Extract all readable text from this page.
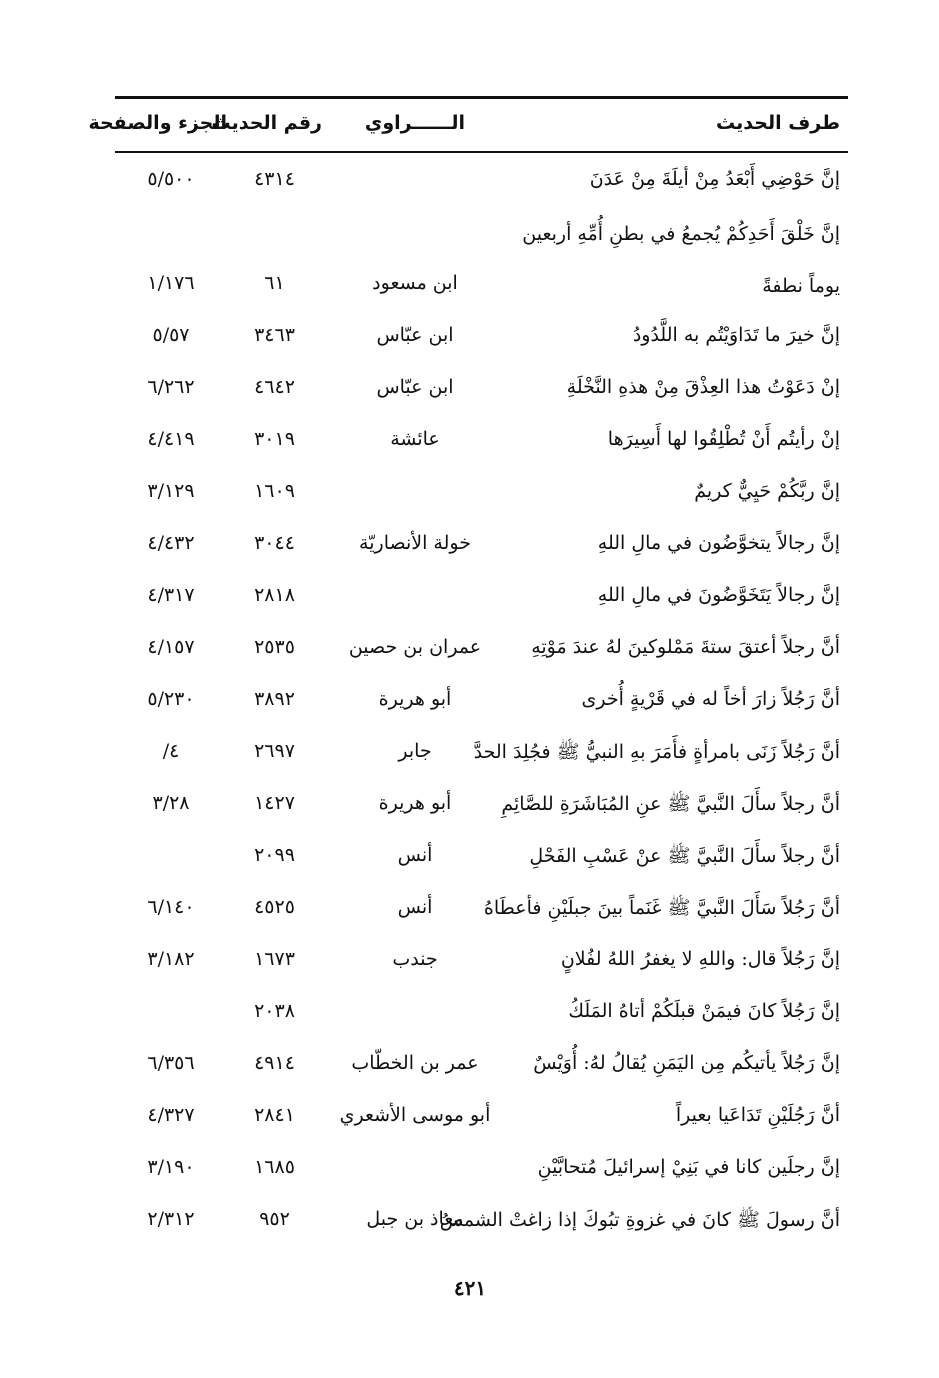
طرف الحديث
الــــــراوي
رقم الحديث
الجزء والصفحة
إنَّ حَوْضِي أَبْعَدُ مِنْ أيلَةَ مِنْ عَدَنَ
٤٣١٤
٥/٥٠٠
إنَّ خَلْقَ أَحَدِكُمْ يُجمعُ في بطنِ أُمِّهِ أربعين يوماً نطفةً
ابن مسعود
٦١
١/١٧٦
إنَّ خيرَ ما تَدَاوَيْتُم به اللَّدُودُ
ابن عبّاس
٣٤٦٣
٥/٥٧
إنْ دَعَوْتُ هذا العِذْقَ مِنْ هذهِ النَّخْلَةِ
ابن عبّاس
٤٦٤٢
٦/٢٦٢
إنْ رأيتُم أَنْ تُطْلِقُوا لها أَسِيرَها
عائشة
٣٠١٩
٤/٤١٩
إنَّ ربَّكُمْ حَيِيٌّ كريمٌ
١٦٠٩
٣/١٢٩
إنَّ رجالاً يتخوَّضُون في مالِ اللهِ
خولة الأنصاريّة
٣٠٤٤
٤/٤٣٢
إنَّ رجالاً يَتَخَوَّضُونَ في مالِ اللهِ
٢٨١٨
٤/٣١٧
أنَّ رجلاً أعتقَ ستةَ مَمْلوكينَ لهُ عندَ مَوْتِهِ
عمران بن حصين
٢٥٣٥
٤/١٥٧
أنَّ رَجُلاً زارَ أخاً له في قَرْيةٍ أُخرى
أبو هريرة
٣٨٩٢
٥/٢٣٠
أنَّ رَجُلاً زَنَى بامرأةٍ فأَمَرَ بهِ النبيُّ ﷺ فجُلِدَ الحدَّ
جابر
٢٦٩٧
٤/
أنَّ رجلاً سأَلَ النَّبيَّ ﷺ عنِ المُبَاشَرَةِ للصَّائِمِ
أبو هريرة
١٤٢٧
٣/٢٨
أنَّ رجلاً سأَلَ النَّبيَّ ﷺ عنْ عَسْبِ الفَحْلِ
أنس
٢٠٩٩
أنَّ رَجُلاً سَأَلَ النَّبيَّ ﷺ غَنَماً بينَ جبلَيْنِ فأعطَاهُ
أنس
٤٥٢٥
٦/١٤٠
إنَّ رَجُلاً قال: واللهِ لا يغفرُ اللهُ لفُلانٍ
جندب
١٦٧٣
٣/١٨٢
إنَّ رَجُلاً كانَ فيمَنْ قبلَكُمْ أتاهُ المَلَكُ
٢٠٣٨
إنَّ رَجُلاً يأتيكُم مِن اليَمَنِ يُقالُ لهُ: أُوَيْسٌ
عمر بن الخطّاب
٤٩١٤
٦/٣٥٦
أنَّ رَجُلَيْنِ تَدَاعَيا بعيراً
أبو موسى الأشعري
٢٨٤١
٤/٣٢٧
إنَّ رجلَين كانا في بَنِيْ إسرائيلَ مُتحابَّيْنِ
١٦٨٥
٣/١٩٠
أنَّ رسولَ ﷺ كانَ في غزوةِ تبُوكَ إذا زاغتْ الشمسُ
معاذ بن جبل
٩٥٢
٢/٣١٢
٤٢١
